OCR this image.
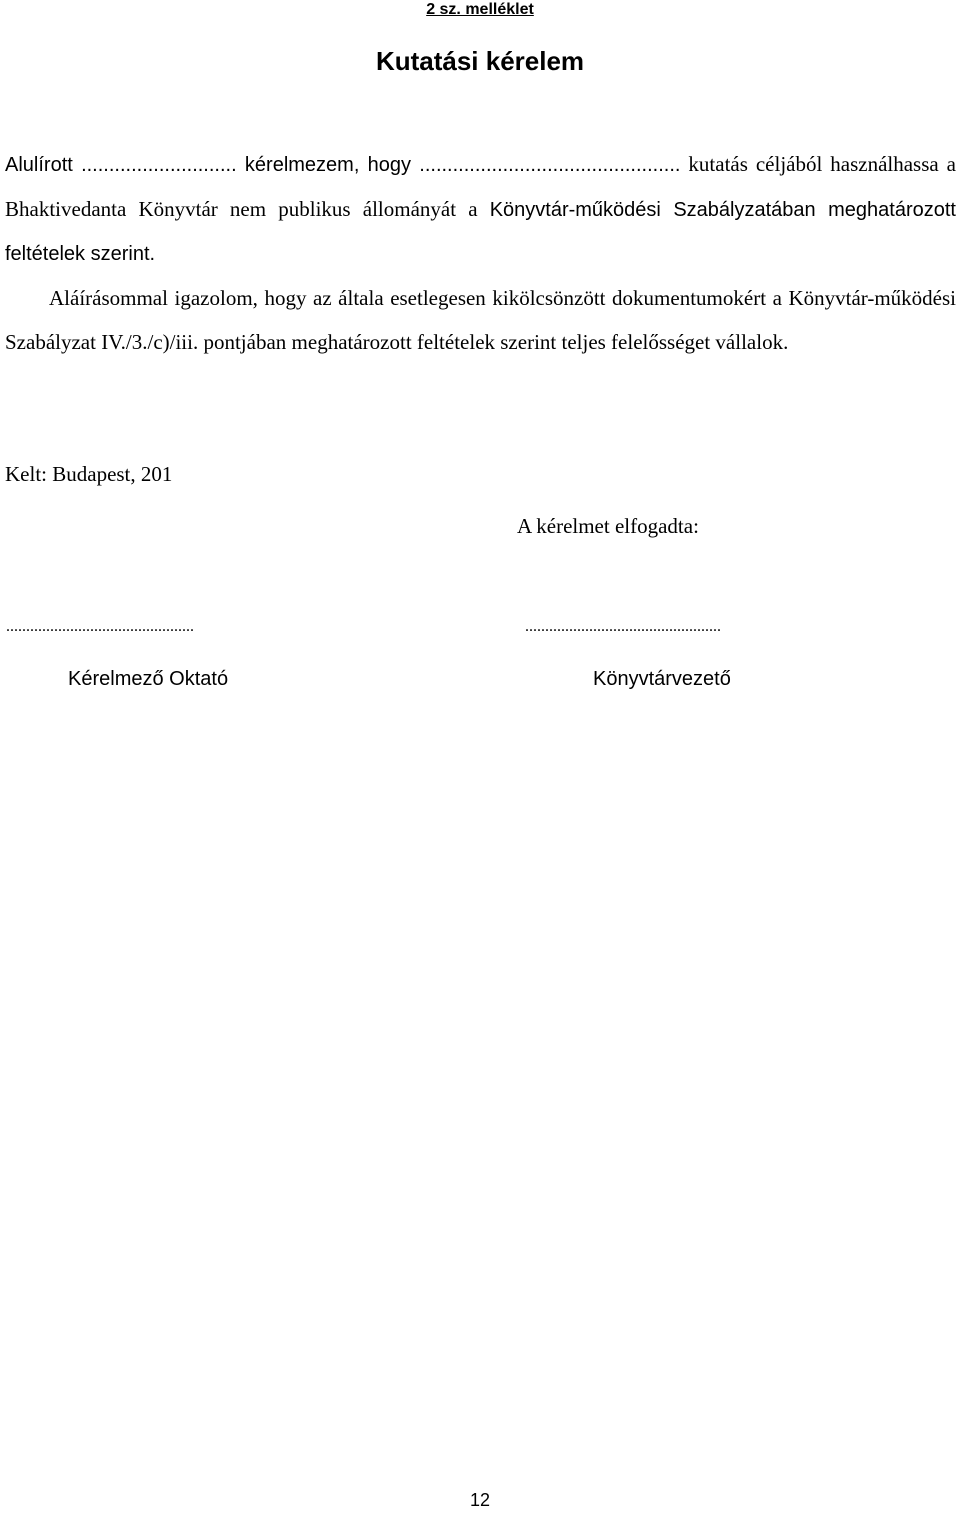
2 sz. melléklet
Kutatási kérelem

Alulírott ............................ kérelmezem, hogy ............................................... kutatás céljából használhassa a Bhaktivedanta Könyvtár nem publikus állományát a Könyvtár-működési Szabályzatában meghatározott feltételek szerint.

Aláírásommal igazolom, hogy az általa esetlegesen kikölcsönzött dokumentumokért a Könyvtár-működési Szabályzat IV./3./c)/iii. pontjában meghatározott feltételek szerint teljes felelősséget vállalok.

Kelt: Budapest, 201
A kérelmet elfogadta:
...............................................	.................................................
Kérelmező Oktató	Könyvtárvezető
12
